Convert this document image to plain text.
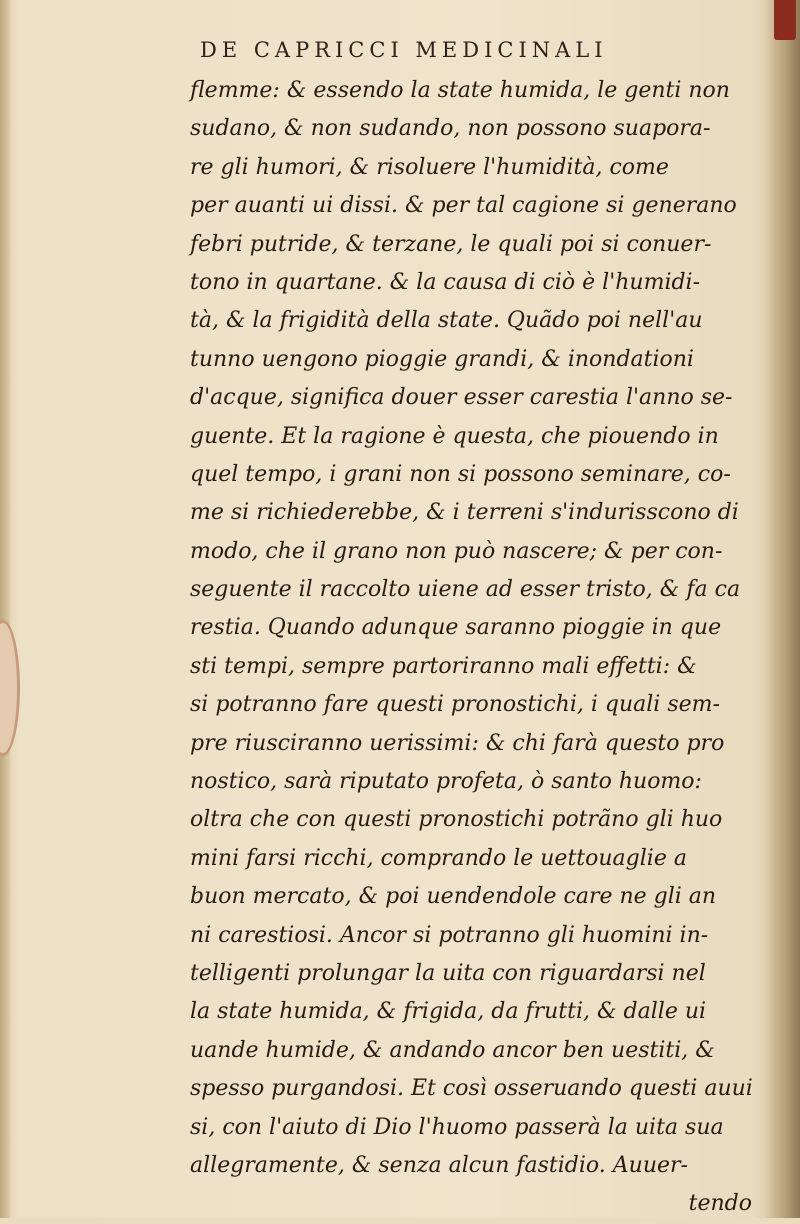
DE CAPRICCI MEDICINALI
flemme: & essendo la state humida, le genti non
sudano, & non sudando, non possono suapora-
re gli humori, & risoluere l'humidità, come
per auanti ui dissi. & per tal cagione si generano
febri putride, & terzane, le quali poi si conuer-
tono in quartane. & la causa di ciò è l'humidi-
tà, & la frigidità della state. Quãdo poi nell'au
tunno uengono pioggie grandi, & inondationi
d'acque, significa douer esser carestia l'anno se-
guente. Et la ragione è questa, che piouendo in
quel tempo, i grani non si possono seminare, co-
me si richiederebbe, & i terreni s'indurisscono di
modo, che il grano non può nascere; & per con-
seguente il raccolto uiene ad esser tristo, & fa ca
restia. Quando adunque saranno pioggie in que
sti tempi, sempre partoriranno mali effetti: &
si potranno fare questi pronostichi, i quali sem-
pre riusciranno uerissimi: & chi farà questo pro
nostico, sarà riputato profeta, ò santo huomo:
oltra che con questi pronostichi potrãno gli huo
mini farsi ricchi, comprando le uettouaglie a
buon mercato, & poi uendendole care ne gli an
ni carestiosi. Ancor si potranno gli huomini in-
telligenti prolungar la uita con riguardarsi nel
la state humida, & frigida, da frutti, & dalle ui
uande humide, & andando ancor ben uestiti, &
spesso purgandosi. Et così osseruando questi auui
si, con l'aiuto di Dio l'huomo passerà la uita sua
allegramente, & senza alcun fastidio. Auuer-
tendo
